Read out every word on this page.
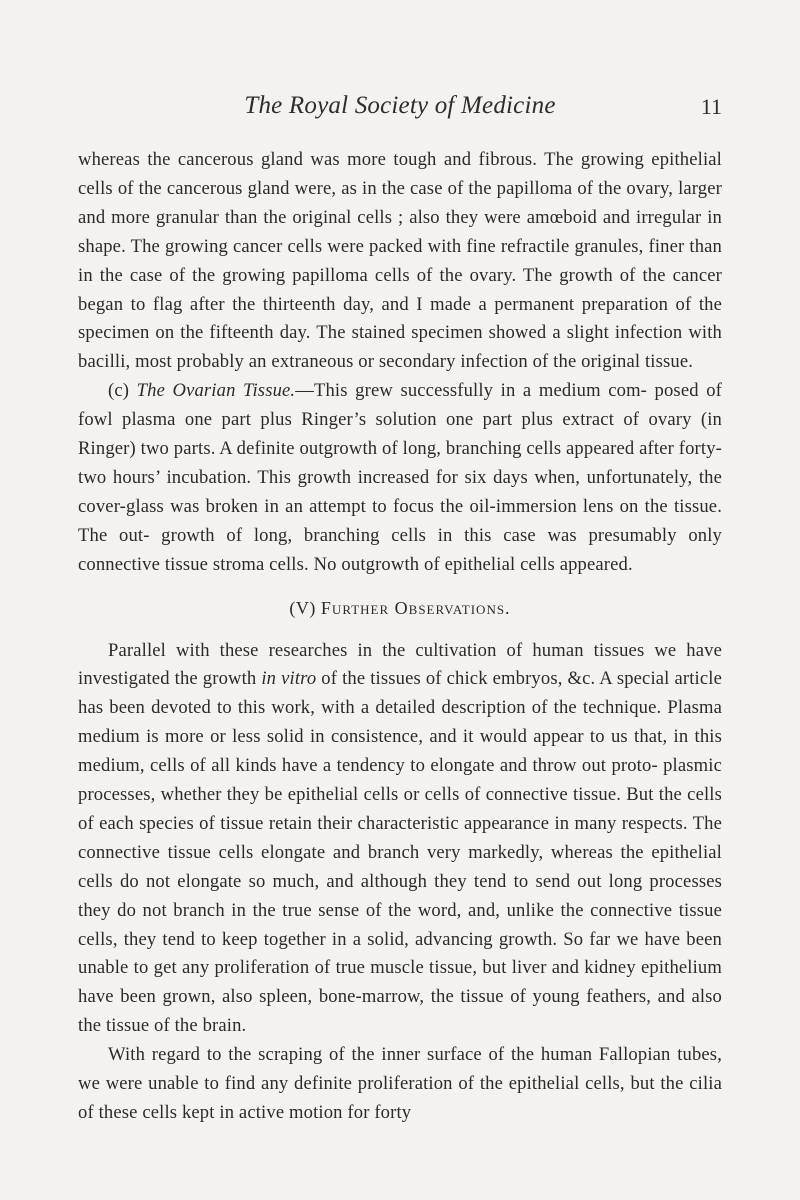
The Royal Society of Medicine	11

whereas the cancerous gland was more tough and fibrous. The growing epithelial cells of the cancerous gland were, as in the case of the papilloma of the ovary, larger and more granular than the original cells ; also they were amœboid and irregular in shape. The growing cancer cells were packed with fine refractile granules, finer than in the case of the growing papilloma cells of the ovary. The growth of the cancer began to flag after the thirteenth day, and I made a permanent preparation of the specimen on the fifteenth day. The stained specimen showed a slight infection with bacilli, most probably an extraneous or secondary infection of the original tissue.

(c) The Ovarian Tissue.—This grew successfully in a medium com- posed of fowl plasma one part plus Ringer’s solution one part plus extract of ovary (in Ringer) two parts. A definite outgrowth of long, branching cells appeared after forty-two hours’ incubation. This growth increased for six days when, unfortunately, the cover-glass was broken in an attempt to focus the oil-immersion lens on the tissue. The out- growth of long, branching cells in this case was presumably only connective tissue stroma cells. No outgrowth of epithelial cells appeared.

(V) Further Observations.

Parallel with these researches in the cultivation of human tissues we have investigated the growth in vitro of the tissues of chick embryos, &c. A special article has been devoted to this work, with a detailed description of the technique. Plasma medium is more or less solid in consistence, and it would appear to us that, in this medium, cells of all kinds have a tendency to elongate and throw out proto- plasmic processes, whether they be epithelial cells or cells of connective tissue. But the cells of each species of tissue retain their characteristic appearance in many respects. The connective tissue cells elongate and branch very markedly, whereas the epithelial cells do not elongate so much, and although they tend to send out long processes they do not branch in the true sense of the word, and, unlike the connective tissue cells, they tend to keep together in a solid, advancing growth. So far we have been unable to get any proliferation of true muscle tissue, but liver and kidney epithelium have been grown, also spleen, bone-marrow, the tissue of young feathers, and also the tissue of the brain.

With regard to the scraping of the inner surface of the human Fallopian tubes, we were unable to find any definite proliferation of the epithelial cells, but the cilia of these cells kept in active motion for forty
